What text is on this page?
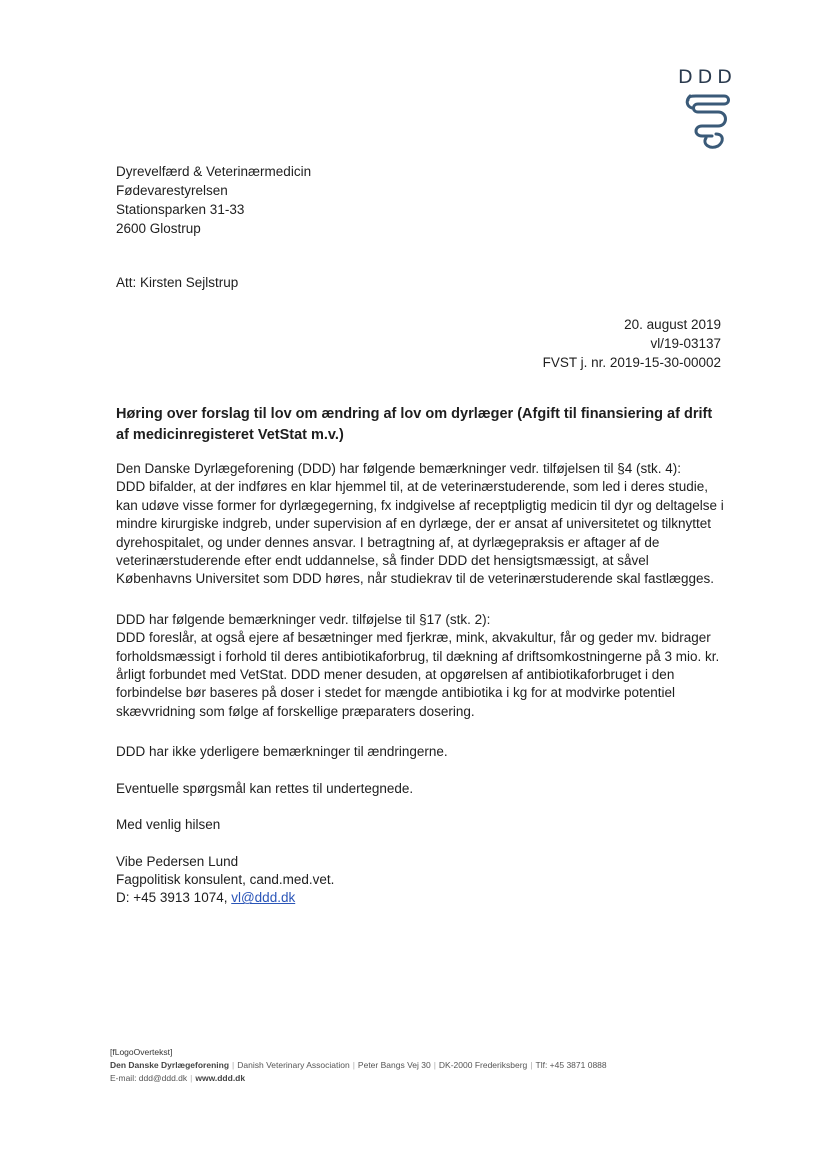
DDD
Dyrevelfærd & Veterinærmedicin
Fødevarestyrelsen
Stationsparken 31-33
2600 Glostrup
Att: Kirsten Sejlstrup
20. august 2019
vl/19-03137
FVST j. nr. 2019-15-30-00002
Høring over forslag til lov om ændring af lov om dyrlæger (Afgift til finansiering af drift af medicinregisteret VetStat m.v.)

Den Danske Dyrlægeforening (DDD) har følgende bemærkninger vedr. tilføjelsen til §4 (stk. 4):
DDD bifalder, at der indføres en klar hjemmel til, at de veterinærstuderende, som led i deres studie, kan udøve visse former for dyrlægegerning, fx indgivelse af receptpligtig medicin til dyr og deltagelse i mindre kirurgiske indgreb, under supervision af en dyrlæge, der er ansat af universitetet og tilknyttet dyrehospitalet, og under dennes ansvar. I betragtning af, at dyrlægepraksis er aftager af de veterinærstuderende efter endt uddannelse, så finder DDD det hensigtsmæssigt, at såvel Københavns Universitet som DDD høres, når studiekrav til de veterinærstuderende skal fastlægges.

DDD har følgende bemærkninger vedr. tilføjelse til §17 (stk. 2):
DDD foreslår, at også ejere af besætninger med fjerkræ, mink, akvakultur, får og geder mv. bidrager forholdsmæssigt i forhold til deres antibiotikaforbrug, til dækning af driftsomkostningerne på 3 mio. kr. årligt forbundet med VetStat. DDD mener desuden, at opgørelsen af antibiotikaforbruget i den forbindelse bør baseres på doser i stedet for mængde antibiotika i kg for at modvirke potentiel skævvridning som følge af forskellige præparaters dosering.

DDD har ikke yderligere bemærkninger til ændringerne.

Eventuelle spørgsmål kan rettes til undertegnede.

Med venlig hilsen

Vibe Pedersen Lund
Fagpolitisk konsulent, cand.med.vet.
D: +45 3913 1074, vl@ddd.dk

[fLogoOvertekst]
Den Danske Dyrlægeforening | Danish Veterinary Association | Peter Bangs Vej 30 | DK-2000 Frederiksberg | Tlf: +45 3871 0888
E-mail: ddd@ddd.dk | www.ddd.dk
